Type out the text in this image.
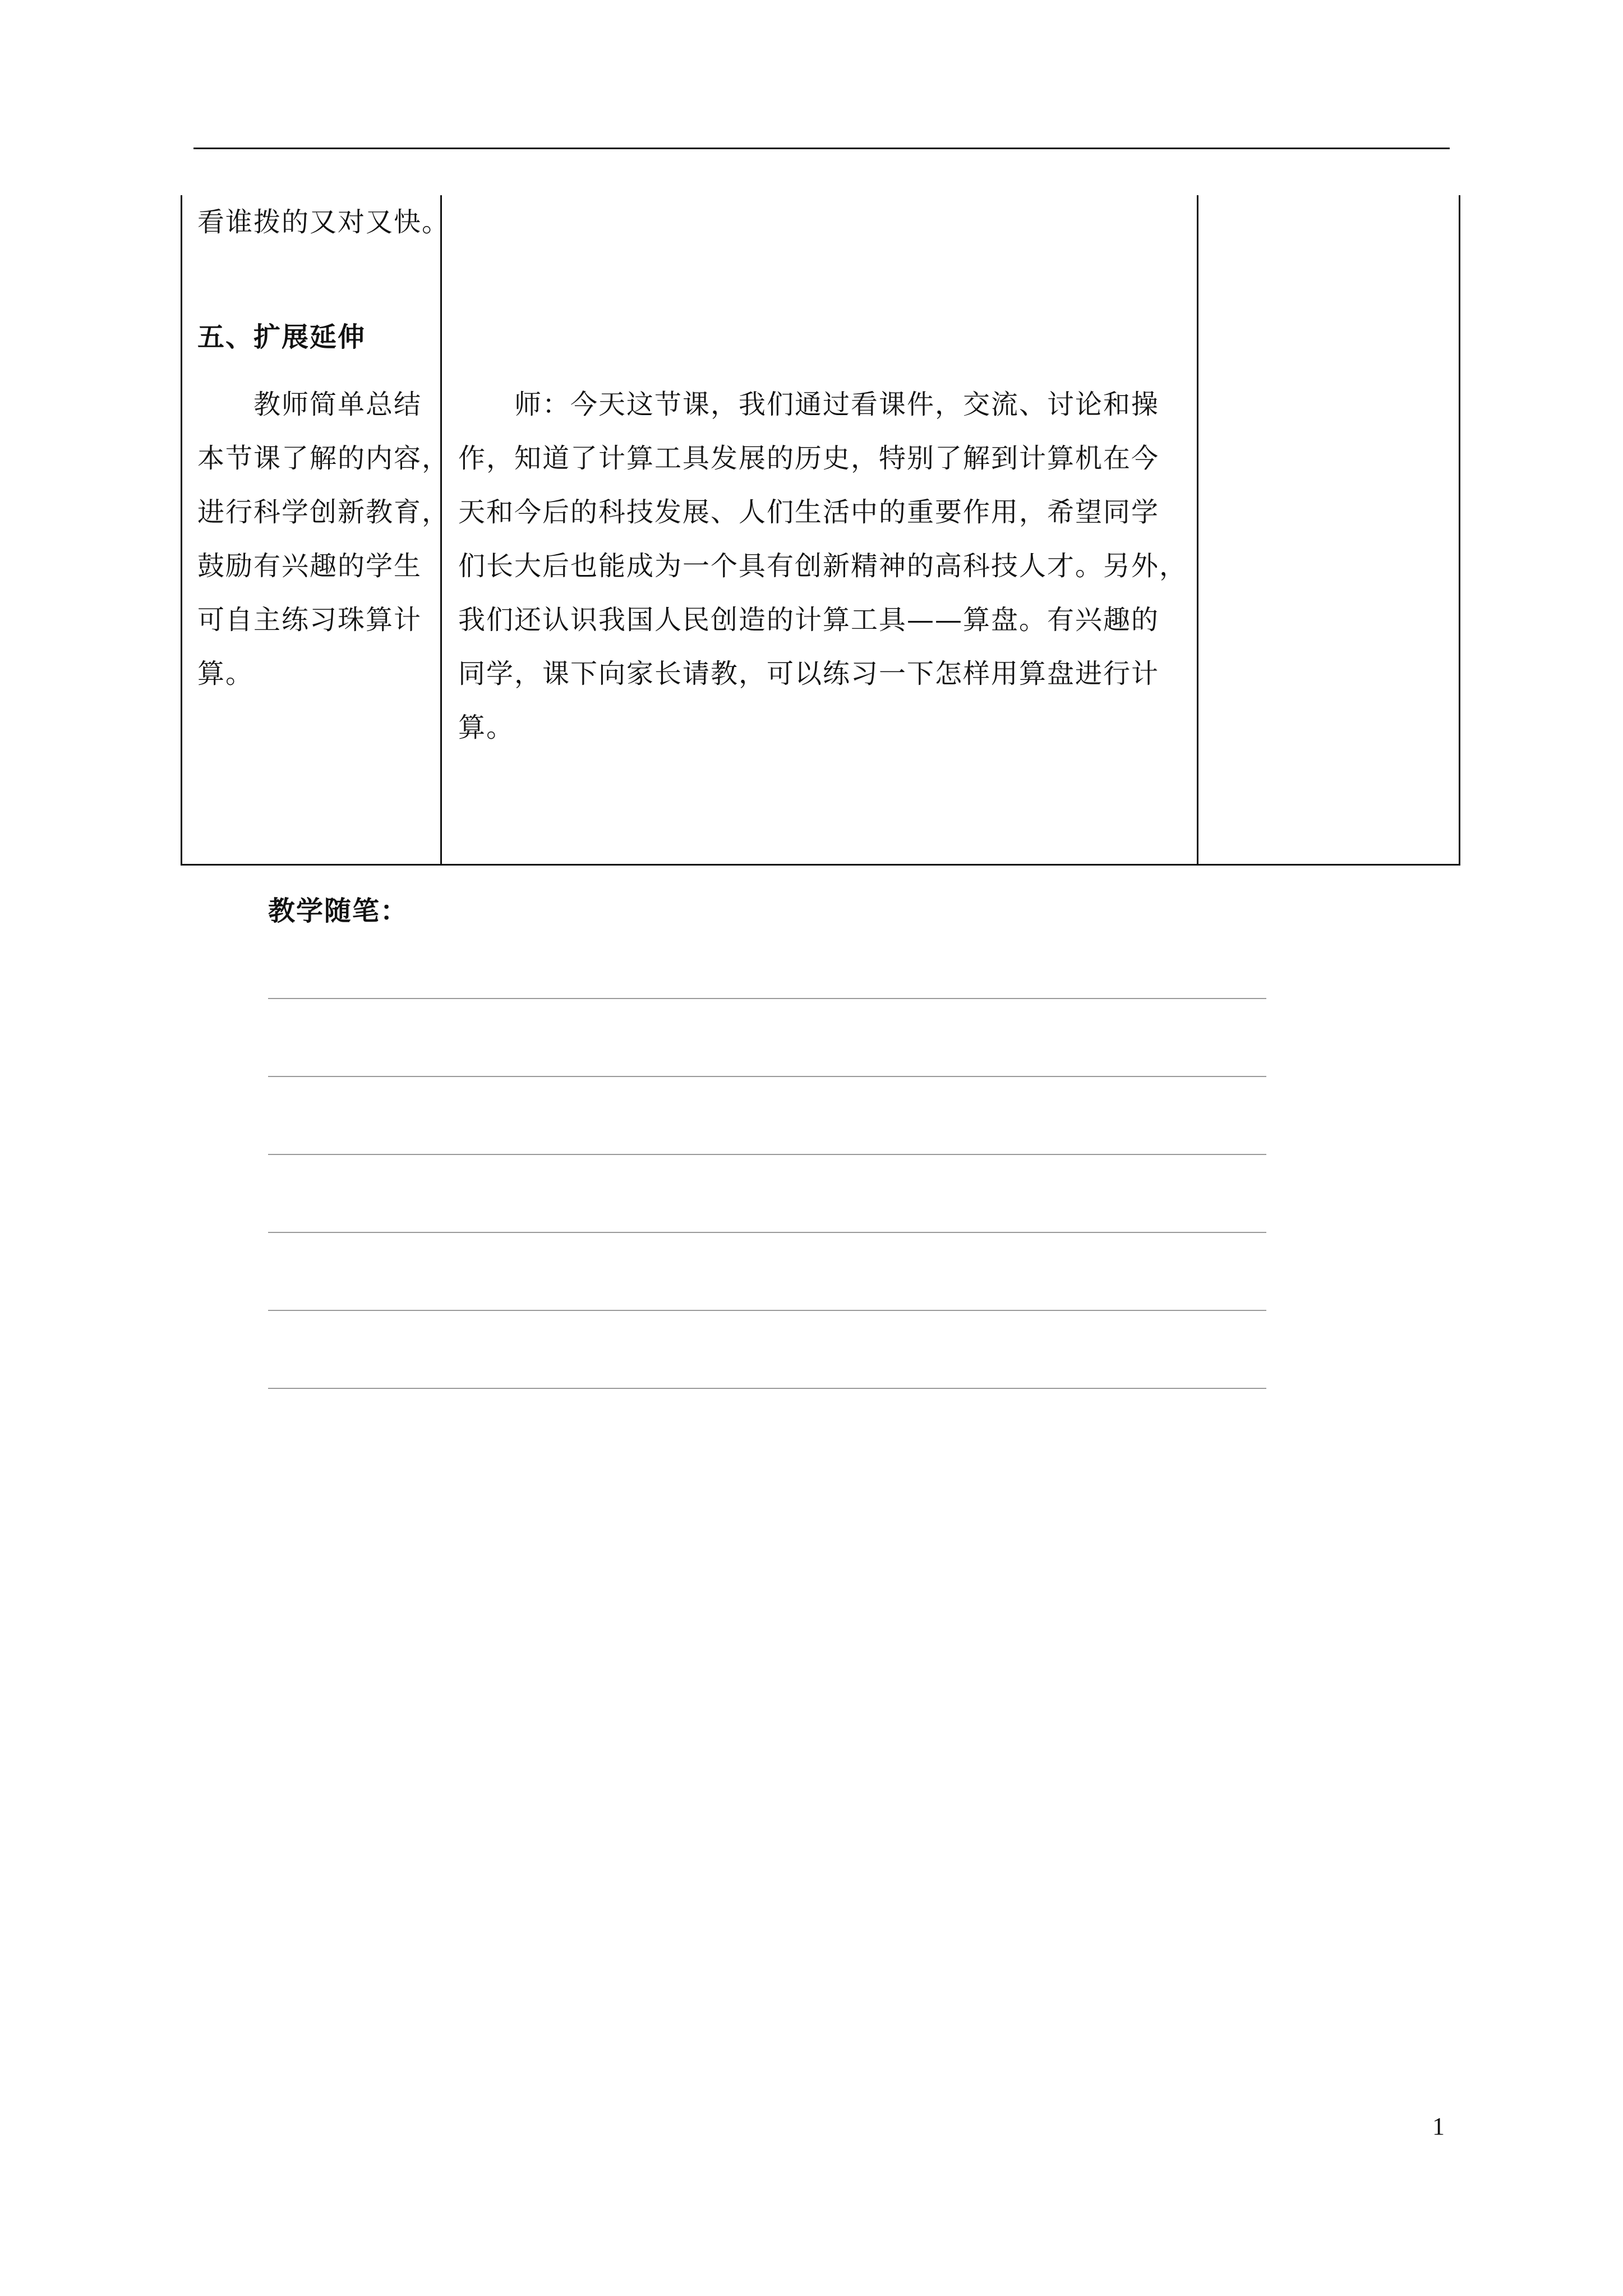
看谁拨的又对又快。
五、扩展延伸
　　教师简单总结
本节课了解的内容，
进行科学创新教育，
鼓励有兴趣的学生
可自主练习珠算计
算。
　　师：今天这节课，我们通过看课件，交流、讨论和操
作，知道了计算工具发展的历史，特别了解到计算机在今
天和今后的科技发展、人们生活中的重要作用，希望同学
们长大后也能成为一个具有创新精神的高科技人才。另外，
我们还认识我国人民创造的计算工具——算盘。有兴趣的
同学，课下向家长请教，可以练习一下怎样用算盘进行计
算。
教学随笔：
1
